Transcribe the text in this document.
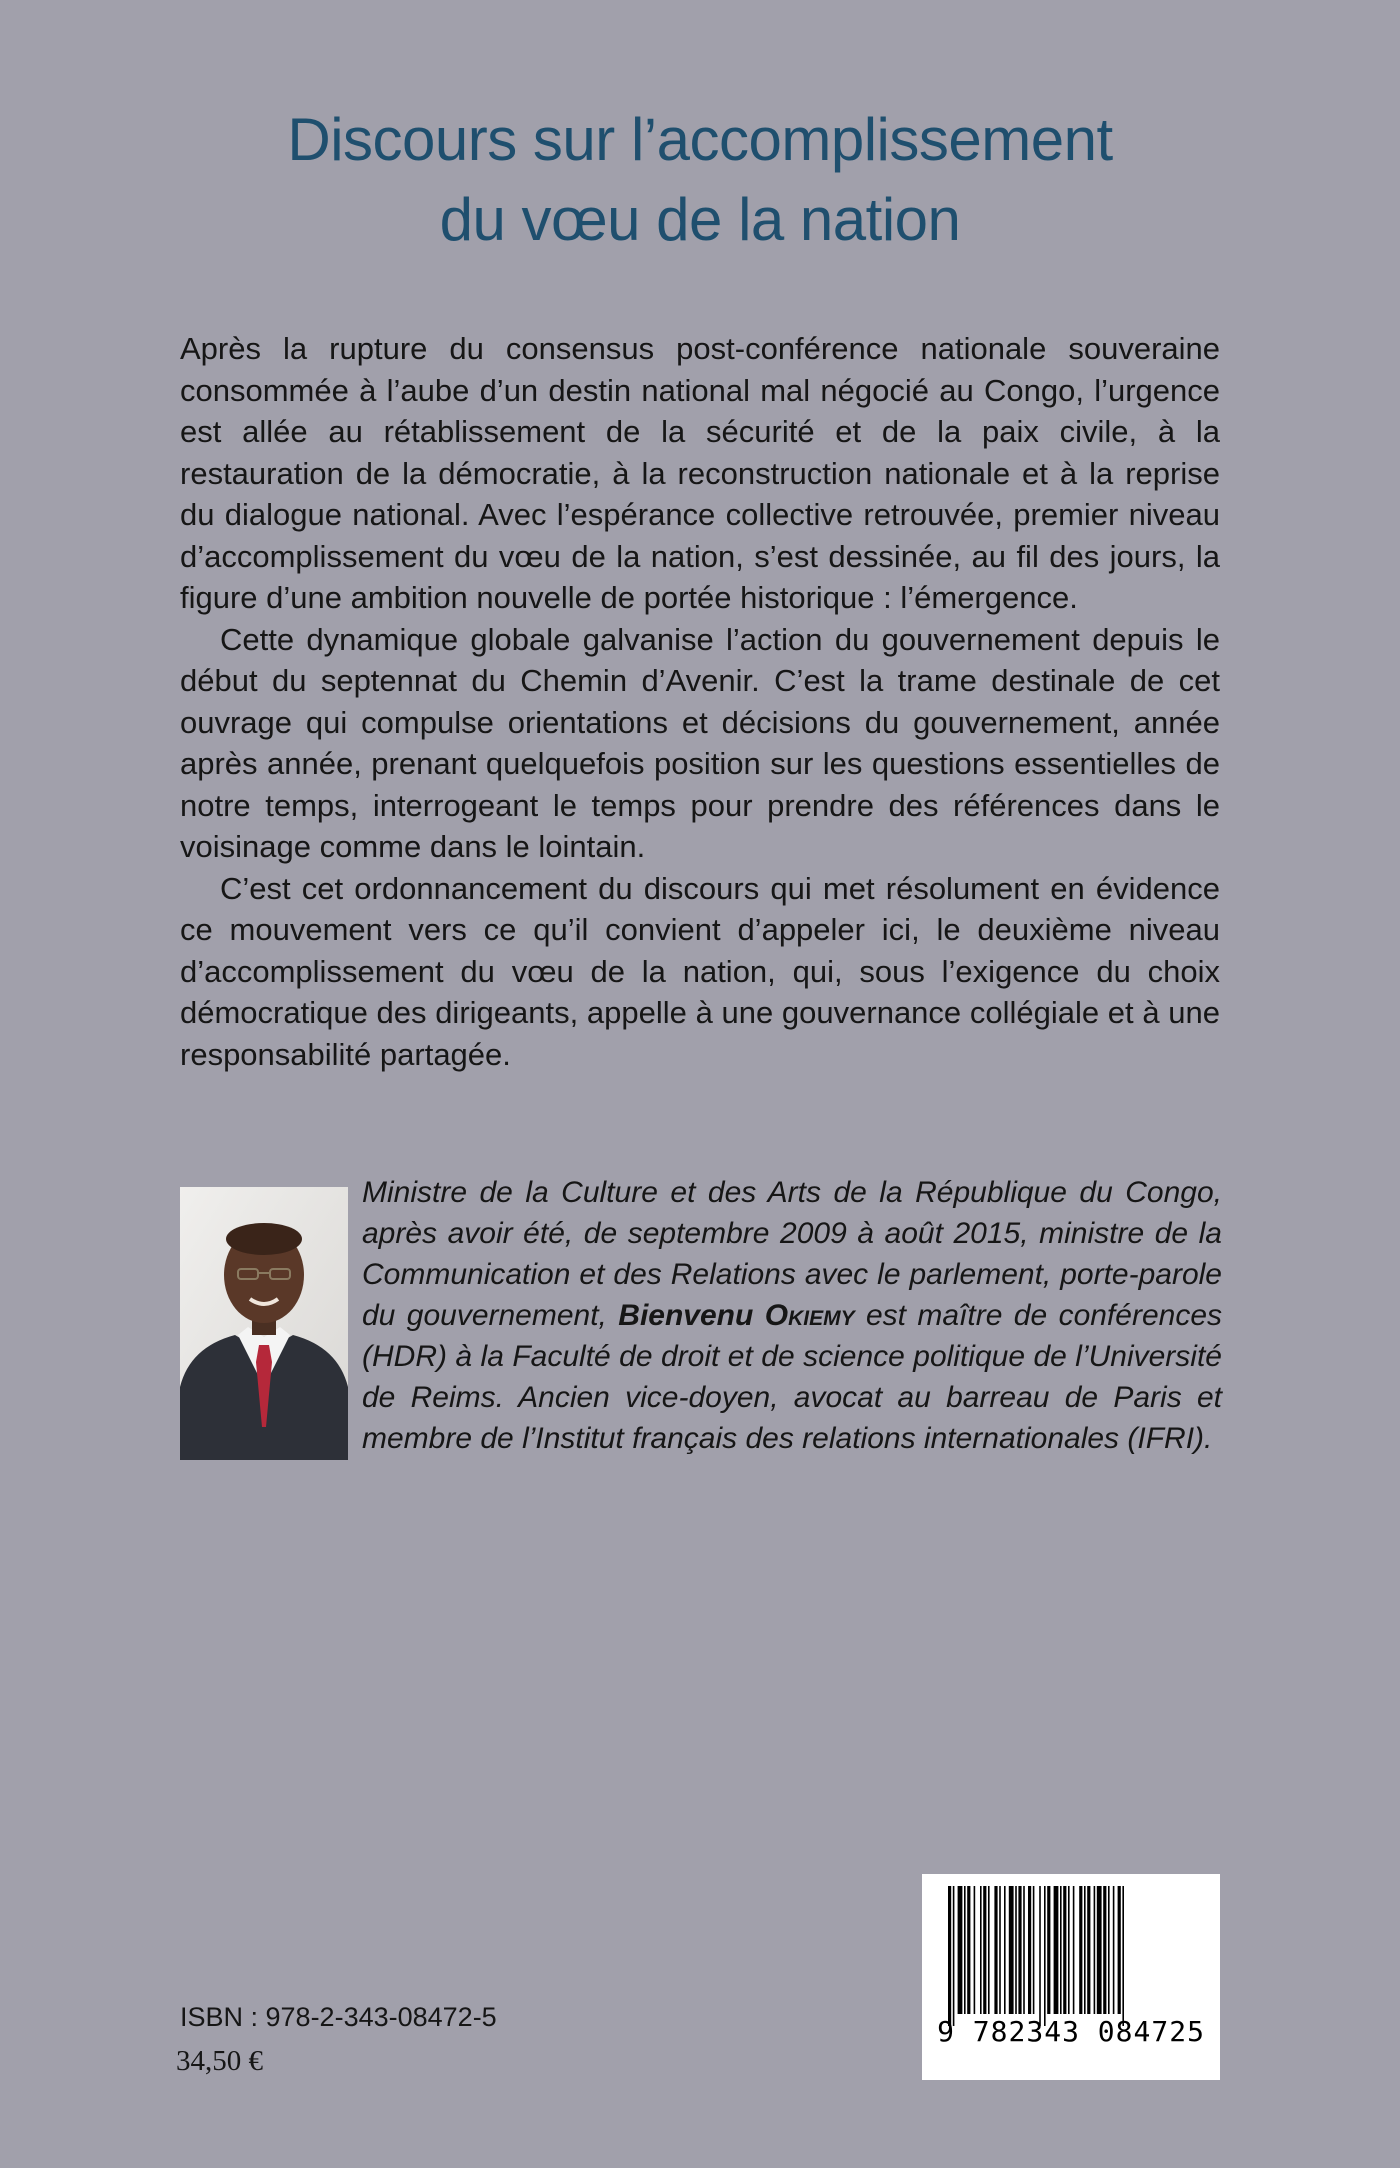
Discours sur l’accomplissement
du vœu de la nation

Après la rupture du consensus post-conférence nationale souveraine consommée à l’aube d’un destin national mal négocié au Congo, l’urgence est allée au rétablissement de la sécurité et de la paix civile, à la restauration de la démocratie, à la reconstruction nationale et à la reprise du dialogue national. Avec l’espérance collective retrouvée, premier niveau d’accomplissement du vœu de la nation, s’est dessinée, au fil des jours, la figure d’une ambition nouvelle de portée historique : l’émergence.

Cette dynamique globale galvanise l’action du gouvernement depuis le début du septennat du Chemin d’Avenir. C’est la trame destinale de cet ouvrage qui compulse orientations et décisions du gouvernement, année après année, prenant quelquefois position sur les questions essentielles de notre temps, interrogeant le temps pour prendre des références dans le voisinage comme dans le lointain.

C’est cet ordonnancement du discours qui met résolument en évidence ce mouvement vers ce qu’il convient d’appeler ici, le deuxième niveau d’accomplissement du vœu de la nation, qui, sous l’exigence du choix démocratique des dirigeants, appelle à une gouvernance collégiale et à une responsabilité partagée.

Ministre de la Culture et des Arts de la République du Congo, après avoir été, de septembre 2009 à août 2015, ministre de la Communication et des Relations avec le parlement, porte-parole du gouvernement, Bienvenu Okiemy est maître de conférences (HDR) à la Faculté de droit et de science politique de l’Université de Reims. Ancien vice-doyen, avocat au barreau de Paris et membre de l’Institut français des relations internationales (IFRI).
ISBN : 978-2-343-08472-5
34,50 €
9 782343 084725
